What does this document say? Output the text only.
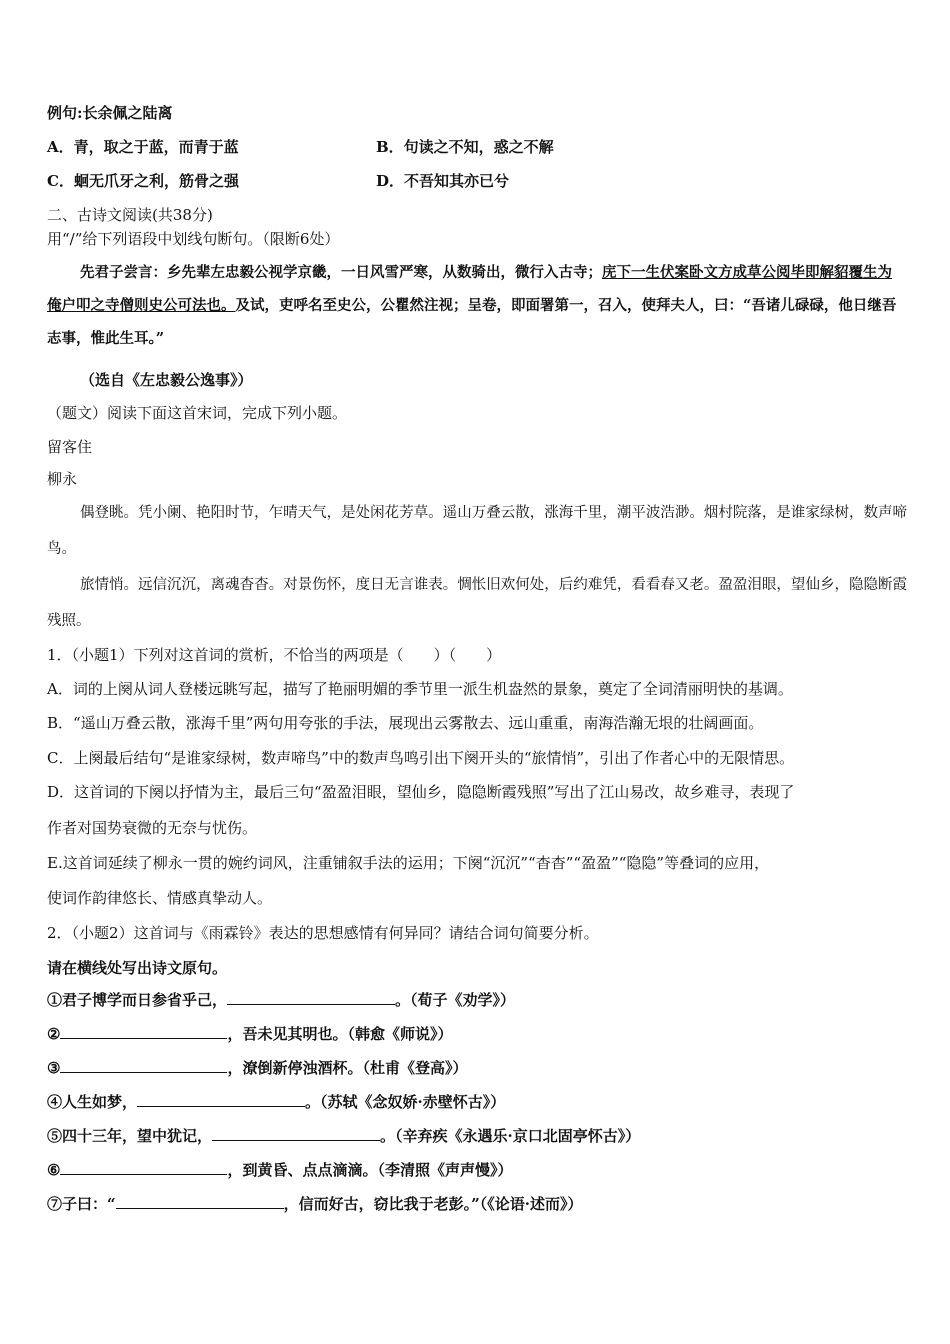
例句:长余佩之陆离
A．青，取之于蓝，而青于蓝	B．句读之不知，惑之不解
C．蛔无爪牙之利，筋骨之强	D．不吾知其亦已兮
二、古诗文阅读(共38分)
用“/”给下列语段中划线句断句。（限断6处）
先君子尝言：乡先辈左忠毅公视学京畿，一日风雪严寒，从数骑出，微行入古寺；庑下一生伏案卧文方成草公阅毕即解貂覆生为俺户叩之寺僧则史公可法也。及试，吏呼名至史公，公瞿然注视；呈卷，即面署第一，召入，使拜夫人，曰：“吾诸儿碌碌，他日继吾志事，惟此生耳。”
（选自《左忠毅公逸事》）
（题文）阅读下面这首宋词，完成下列小题。
留客住
柳永
偶登眺。凭小阑、艳阳时节，乍晴天气，是处闲花芳草。遥山万叠云散，涨海千里，潮平波浩渺。烟村院落，是谁家绿树，数声啼鸟。
旅情悄。远信沉沉，离魂杳杳。对景伤怀，度日无言谁表。惆怅旧欢何处，后约难凭，看看春又老。盈盈泪眼，望仙乡，隐隐断霞残照。
1．（小题1）下列对这首词的赏析，不恰当的两项是（　　）（　　）
A．词的上阕从词人登楼远眺写起，描写了艳丽明媚的季节里一派生机盎然的景象，奠定了全词清丽明快的基调。
B．“遥山万叠云散，涨海千里”两句用夸张的手法，展现出云雾散去、远山重重，南海浩瀚无垠的壮阔画面。
C．上阕最后结句“是谁家绿树，数声啼鸟”中的数声鸟鸣引出下阕开头的“旅情悄”，引出了作者心中的无限情思。
D．这首词的下阕以抒情为主，最后三句“盈盈泪眼，望仙乡，隐隐断霞残照”写出了江山易改，故乡难寻，表现了
作者对国势衰微的无奈与忧伤。
E.这首词延续了柳永一贯的婉约词风，注重铺叙手法的运用；下阕“沉沉”“杳杳”“盈盈”“隐隐”等叠词的应用，
使词作韵律悠长、情感真挚动人。
2．（小题2）这首词与《雨霖铃》表达的思想感情有何异同？请结合词句简要分析。
请在横线处写出诗文原句。
①君子博学而日参省乎己，	。（荀子《劝学》）
②	，吾未见其明也。（韩愈《师说》）
③	，潦倒新停浊酒杯。（杜甫《登高》）
④人生如梦，	。（苏轼《念奴娇·赤壁怀古》）
⑤四十三年，望中犹记，	。（辛弃疾《永遇乐·京口北固亭怀古》）
⑥	，到黄昏、点点滴滴。（李清照《声声慢》）
⑦子曰：“	，信而好古，窃比我于老彭。”（《论语·述而》）
